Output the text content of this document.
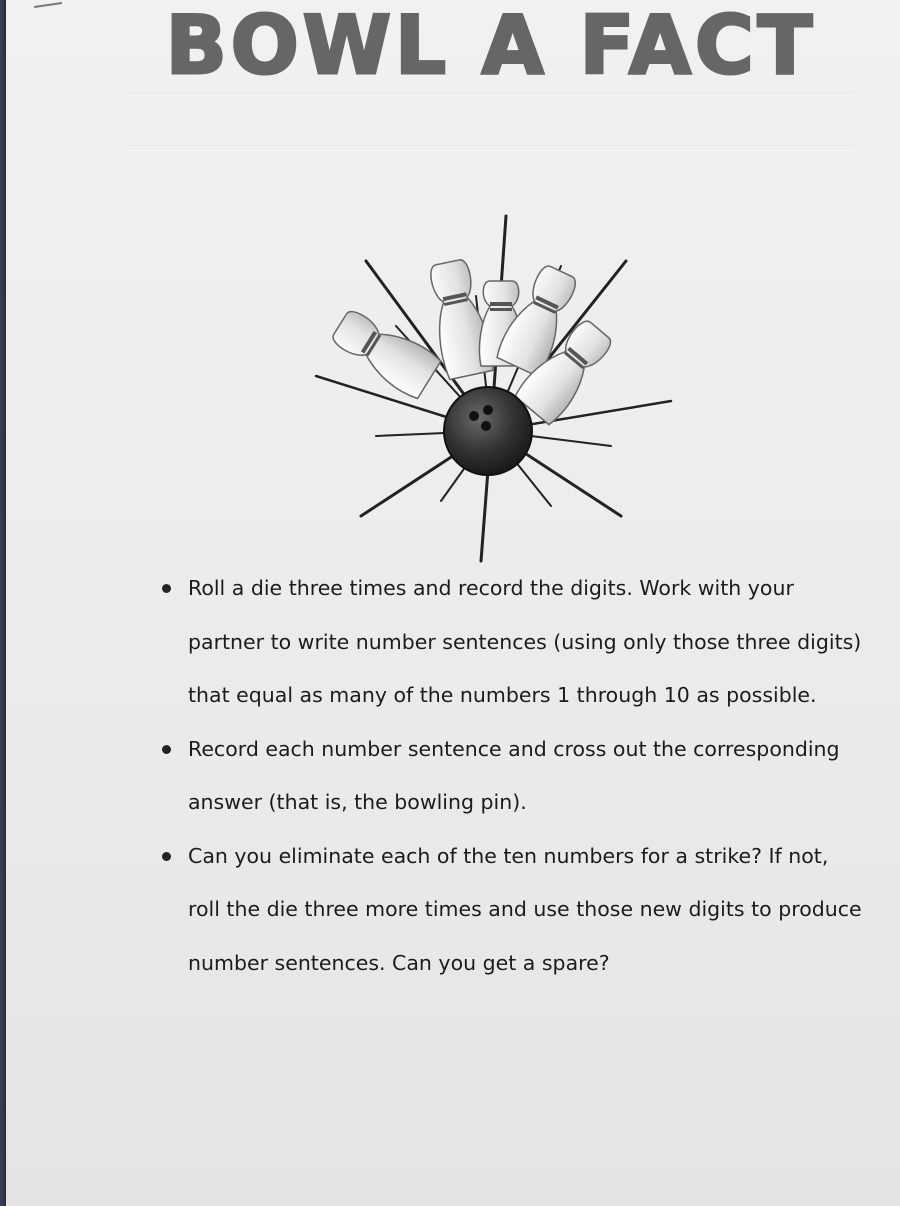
BOWL A FACT
Roll a die three times and record the digits. Work with your partner to write number sentences (using only those three digits) that equal as many of the numbers 1 through 10 as possible.
Record each number sentence and cross out the corresponding answer (that is, the bowling pin).
Can you eliminate each of the ten numbers for a strike? If not, roll the die three more times and use those new digits to produce number sentences. Can you get a spare?
